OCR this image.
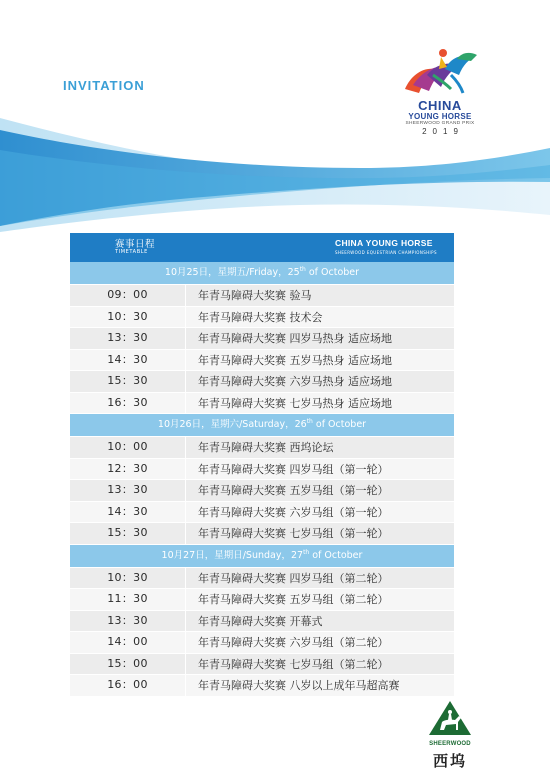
INVITATION
CHINA
YOUNG HORSE
SHEERWOOD GRAND PRIX
2019
赛事日程
TIMETABLE
CHINA YOUNG HORSE
SHEERWOOD EQUESTRIAN CHAMPIONSHIPS
10月25日，星期五/Friday，25th of October
09：00	年青马障碍大奖赛 验马
10：30	年青马障碍大奖赛 技术会
13：30	年青马障碍大奖赛 四岁马热身 适应场地
14：30	年青马障碍大奖赛 五岁马热身 适应场地
15：30	年青马障碍大奖赛 六岁马热身 适应场地
16：30	年青马障碍大奖赛 七岁马热身 适应场地
10月26日，星期六/Saturday，26th of October
10：00	年青马障碍大奖赛 西坞论坛
12：30	年青马障碍大奖赛 四岁马组（第一轮）
13：30	年青马障碍大奖赛 五岁马组（第一轮）
14：30	年青马障碍大奖赛 六岁马组（第一轮）
15：30	年青马障碍大奖赛 七岁马组（第一轮）
10月27日，星期日/Sunday，27th of October
10：30	年青马障碍大奖赛 四岁马组（第二轮）
11：30	年青马障碍大奖赛 五岁马组（第二轮）
13：30	年青马障碍大奖赛 开幕式
14：00	年青马障碍大奖赛 六岁马组（第二轮）
15：00	年青马障碍大奖赛 七岁马组（第二轮）
16：00	年青马障碍大奖赛 八岁以上成年马超高赛
SHEERWOOD
西坞
